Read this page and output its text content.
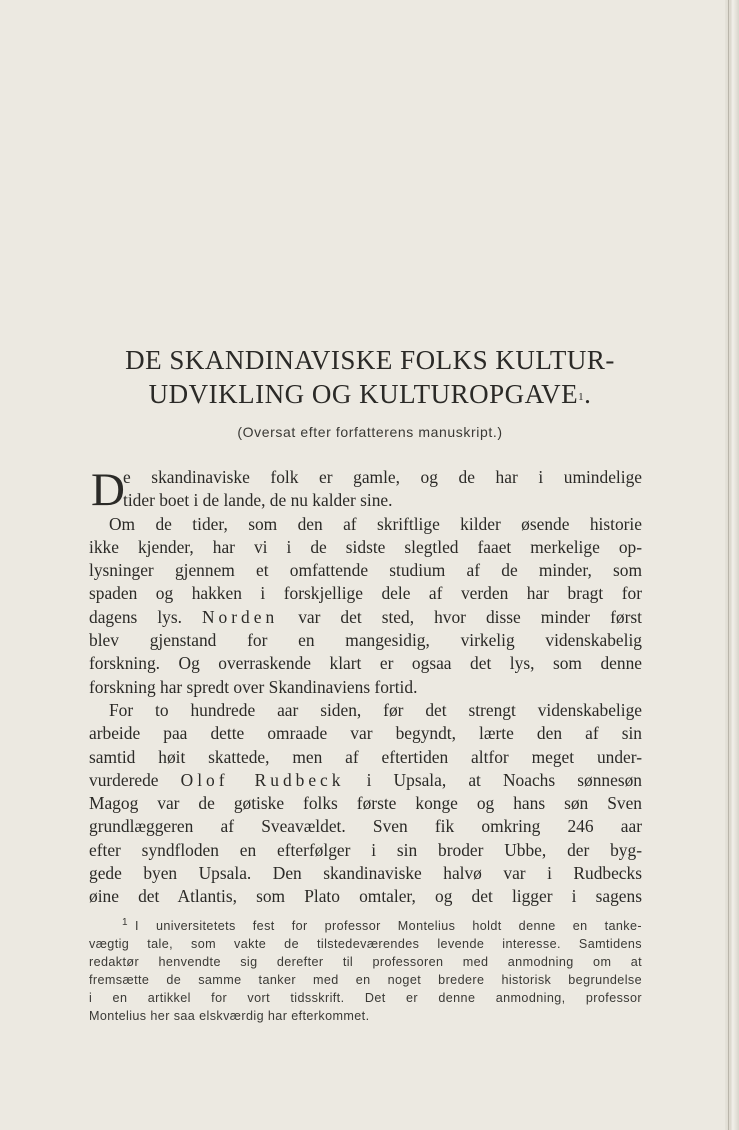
DE SKANDINAVISKE FOLKS KULTUR-
UDVIKLING OG KULTUROPGAVE$^1$.
(Oversat efter forfatterens manuskript.)
D
e skandinaviske folk er gamle, og de har i umindelige
tider boet i de lande, de nu kalder sine.
Om de tider, som den af skriftlige kilder øsende historie
ikke kjender, har vi i de sidste slegtled faaet merkelige op-
lysninger gjennem et omfattende studium af de minder, som
spaden og hakken i forskjellige dele af verden har bragt for
dagens lys. Norden var det sted, hvor disse minder først
blev gjenstand for en mangesidig, virkelig videnskabelig
forskning. Og overraskende klart er ogsaa det lys, som denne
forskning har spredt over Skandinaviens fortid.
For to hundrede aar siden, før det strengt videnskabelige
arbeide paa dette omraade var begyndt, lærte den af sin
samtid høit skattede, men af eftertiden altfor meget under-
vurderede Olof Rudbeck i Upsala, at Noachs sønnesøn
Magog var de gøtiske folks første konge og hans søn Sven
grundlæggeren af Sveavældet. Sven fik omkring 246 aar
efter syndfloden en efterfølger i sin broder Ubbe, der byg-
gede byen Upsala. Den skandinaviske halvø var i Rudbecks
øine det Atlantis, som Plato omtaler, og det ligger i sagens
1 I universitetets fest for professor Montelius holdt denne en tanke-
vægtig tale, som vakte de tilstedeværendes levende interesse. Samtidens
redaktør henvendte sig derefter til professoren med anmodning om at
fremsætte de samme tanker med en noget bredere historisk begrundelse
i en artikkel for vort tidsskrift. Det er denne anmodning, professor
Montelius her saa elskværdig har efterkommet.
